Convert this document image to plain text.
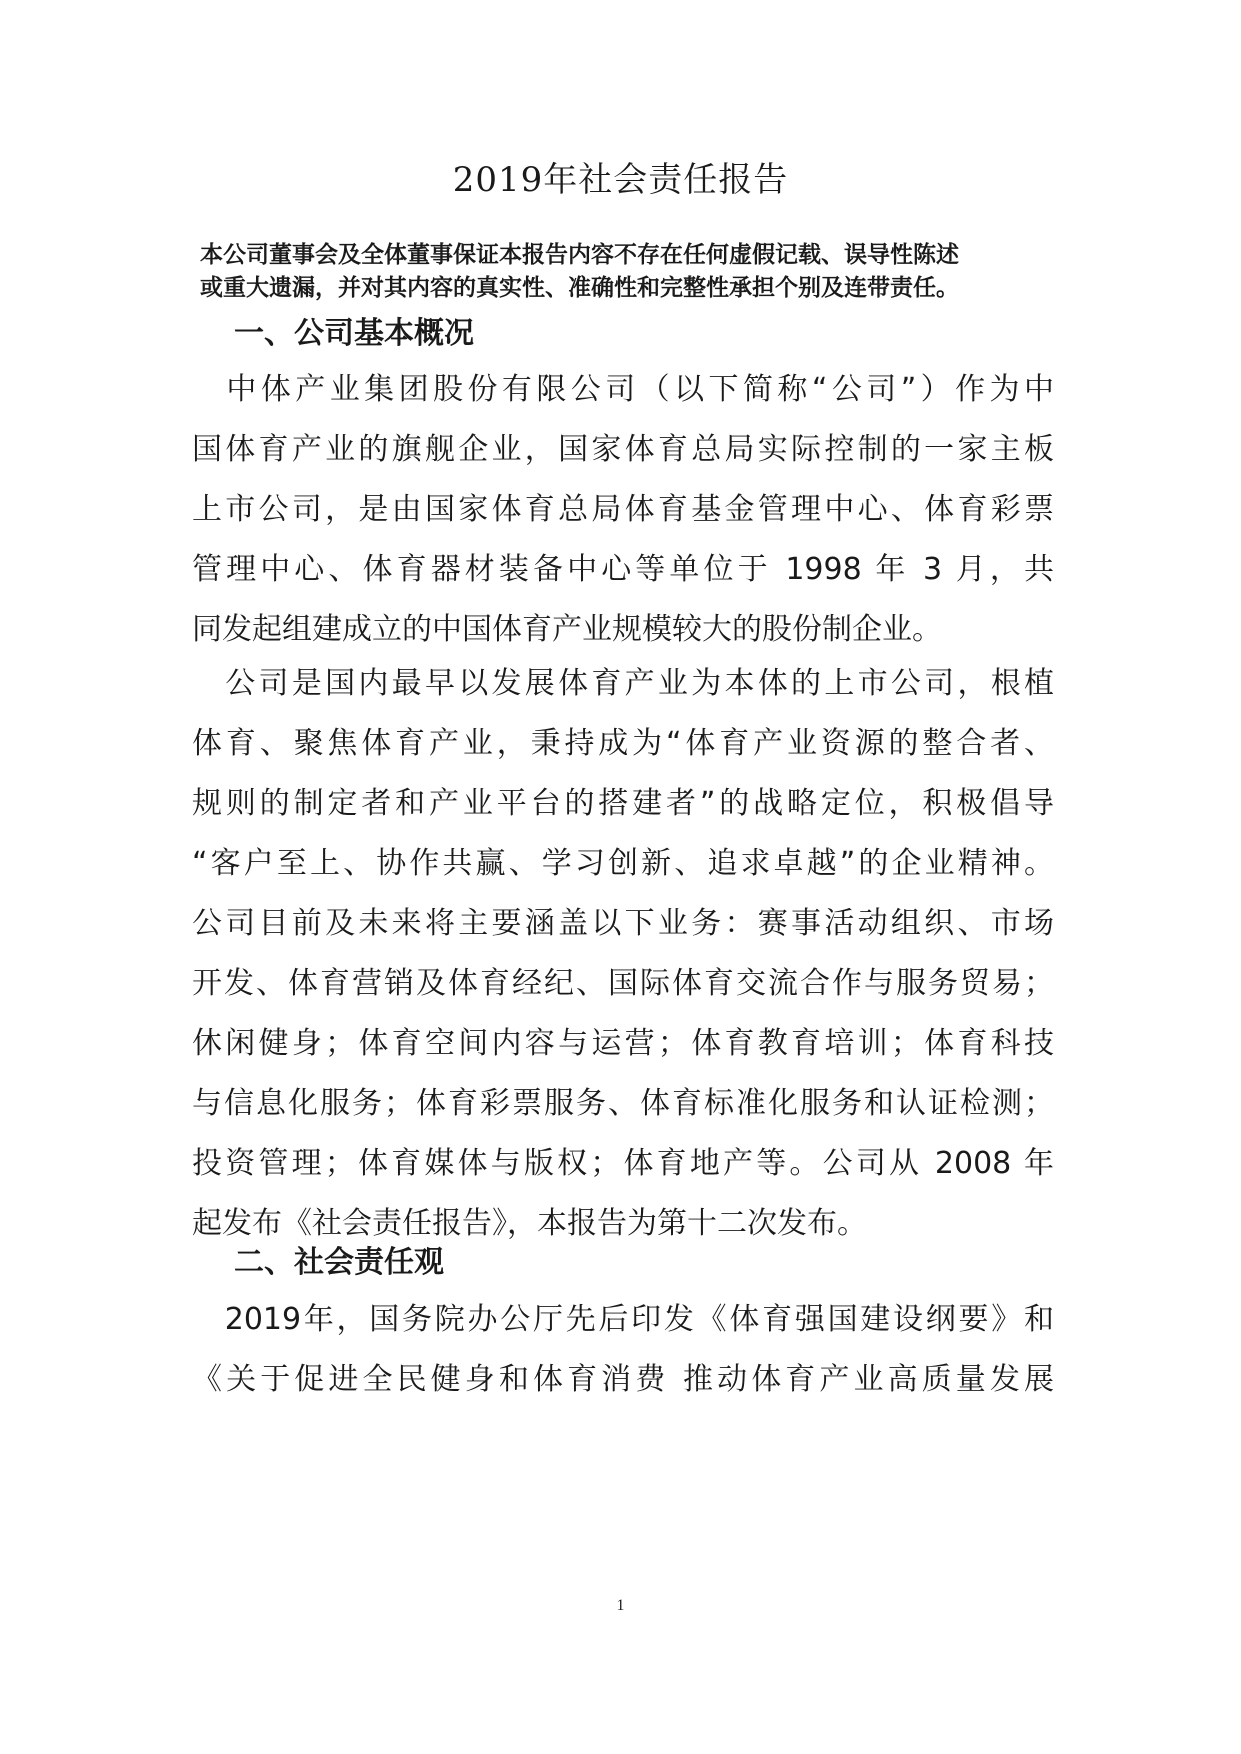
2019年社会责任报告

本公司董事会及全体董事保证本报告内容不存在任何虚假记载、误导性陈述
或重大遗漏，并对其内容的真实性、准确性和完整性承担个别及连带责任。

一、公司基本概况
　中体产业集团股份有限公司（以下简称“公司”）作为中
国体育产业的旗舰企业，国家体育总局实际控制的一家主板
上市公司，是由国家体育总局体育基金管理中心、体育彩票
管理中心、体育器材装备中心等单位于 1998 年 3 月，共
同发起组建成立的中国体育产业规模较大的股份制企业。
　公司是国内最早以发展体育产业为本体的上市公司，根植
体育、聚焦体育产业，秉持成为“体育产业资源的整合者、
规则的制定者和产业平台的搭建者”的战略定位，积极倡导
“客户至上、协作共赢、学习创新、追求卓越”的企业精神。
公司目前及未来将主要涵盖以下业务：赛事活动组织、市场
开发、体育营销及体育经纪、国际体育交流合作与服务贸易；
休闲健身；体育空间内容与运营；体育教育培训；体育科技
与信息化服务；体育彩票服务、体育标准化服务和认证检测；
投资管理；体育媒体与版权；体育地产等。公司从 2008 年
起发布《社会责任报告》，本报告为第十二次发布。
二、社会责任观
　2019年，国务院办公厅先后印发《体育强国建设纲要》和
《关于促进全民健身和体育消费 推动体育产业高质量发展
1
